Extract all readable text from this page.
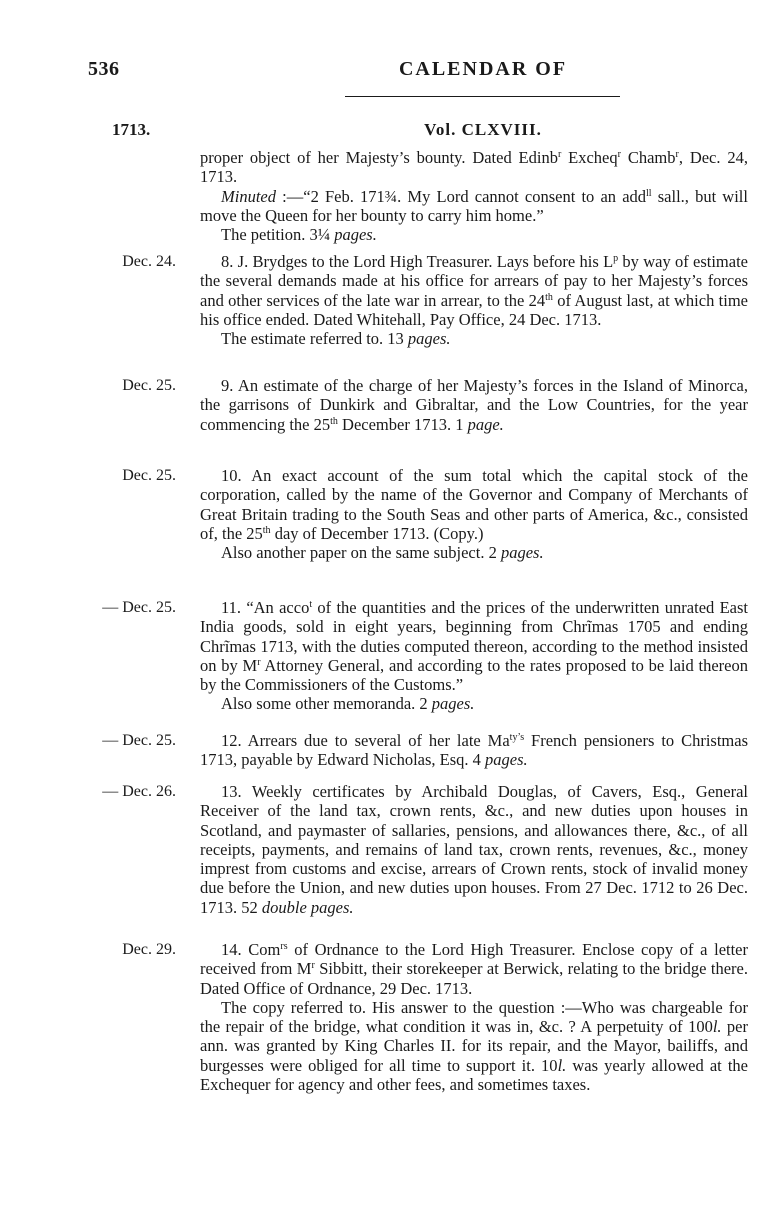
536	CALENDAR OF
1713.	Vol. CLXVIII.

proper object of her Majesty’s bounty. Dated Edinb$^r$ Excheq$^r$ Chamb$^r$, Dec. 24, 1713.

Minuted :—“2 Feb. 171¾. My Lord cannot consent to an add$^{ll}$ sall., but will move the Queen for her bounty to carry him home.”

The petition. 3¼ pages.

Dec. 24.	8. J. Brydges to the Lord High Treasurer. Lays before his $L^p$ by way of estimate the several demands made at his office for arrears of pay to her Majesty’s forces and other services of the late war in arrear, to the 24th of August last, at which time his office ended. Dated Whitehall, Pay Office, 24 Dec. 1713.

The estimate referred to. 13 pages.

Dec. 25.	9. An estimate of the charge of her Majesty’s forces in the Island of Minorca, the garrisons of Dunkirk and Gibraltar, and the Low Countries, for the year commencing the 25th December 1713. 1 page.

Dec. 25.	10. An exact account of the sum total which the capital stock of the corporation, called by the name of the Governor and Company of Merchants of Great Britain trading to the South Seas and other parts of America, &c., consisted of, the 25th day of December 1713. (Copy.)

Also another paper on the same subject. 2 pages.

— Dec. 25.	11. “An acco$^t$ of the quantities and the prices of the underwritten unrated East India goods, sold in eight years, beginning from Chrĩmas 1705 and ending Chrĩmas 1713, with the duties computed thereon, according to the method insisted on by $M^r$ Attorney General, and according to the rates proposed to be laid thereon by the Commissioners of the Customs.”

Also some other memoranda. 2 pages.

— Dec. 25.	12. Arrears due to several of her late $Ma^{ty’s}$ French pensioners to Christmas 1713, payable by Edward Nicholas, Esq. 4 pages.

— Dec. 26.	13. Weekly certificates by Archibald Douglas, of Cavers, Esq., General Receiver of the land tax, crown rents, &c., and new duties upon houses in Scotland, and paymaster of sallaries, pensions, and allowances there, &c., of all receipts, payments, and remains of land tax, crown rents, revenues, &c., money imprest from customs and excise, arrears of Crown rents, stock of invalid money due before the Union, and new duties upon houses. From 27 Dec. 1712 to 26 Dec. 1713. 52 double pages.

Dec. 29.	14. Com$^{rs}$ of Ordnance to the Lord High Treasurer. Enclose copy of a letter received from $M^r$ Sibbitt, their storekeeper at Berwick, relating to the bridge there. Dated Office of Ordnance, 29 Dec. 1713.

The copy referred to. His answer to the question :—Who was chargeable for the repair of the bridge, what condition it was in, &c. ? A perpetuity of 100l. per ann. was granted by King Charles II. for its repair, and the Mayor, bailiffs, and burgesses were obliged for all time to support it. 10l. was yearly allowed at the Exchequer for agency and other fees, and sometimes taxes.
